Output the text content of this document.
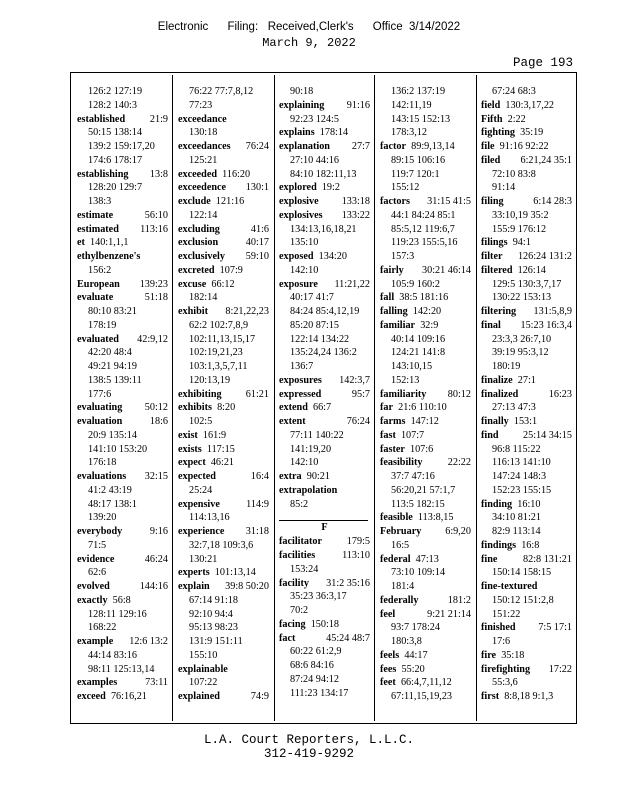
Electronic      Filing:   Received,Clerk's      Office  3/14/2022
March 9, 2022
Page 193
126:2 127:19
128:2 140:3
established 21:9
50:15 138:14
139:2 159:17,20
174:6 178:17
establishing 13:8
128:20 129:7
138:3
estimate	56:10
estimated 113:16
et 140:1,1,1
ethylbenzene's
156:2
European 139:23
evaluate	51:18
80:10 83:21
178:19
evaluated 42:9,12
42:20 48:4
49:21 94:19
138:5 139:11
177:6
evaluating 50:12
evaluation	18:6
20:9 135:14
141:10 153:20
176:18
evaluations 32:15
41:2 43:19
48:17 138:1
139:20
everybody	9:16
71:5
evidence	46:24
62:6
evolved	144:16
exactly 56:8
128:11 129:16
168:22
example 12:6 13:2
44:14 83:16
98:11 125:13,14
examples	73:11
exceed 76:16,21
76:22 77:7,8,12
77:23
exceedance
130:18
exceedances 76:24
125:21
exceeded 116:20
exceedence 130:1
exclude 121:16
122:14
excluding	41:6
exclusion	40:17
exclusively 59:10
excreted 107:9
excuse 66:12
182:14
exhibit 8:21,22,23
62:2 102:7,8,9
102:11,13,15,17
102:19,21,23
103:1,3,5,7,11
120:13,19
exhibiting 61:21
exhibits 8:20
102:5
exist 161:9
exists 117:15
expect 46:21
expected	16:4
25:24
expensive	114:9
114:13,16
experience 31:18
32:7,18 109:3,6
130:21
experts 101:13,14
explain 39:8 50:20
67:14 91:18
92:10 94:4
95:13 98:23
131:9 151:11
155:10
explainable
107:22
explained	74:9
90:18
explaining 91:16
92:23 124:5
explains 178:14
explanation 27:7
27:10 44:16
84:10 182:11,13
explored 19:2
explosive 133:18
explosives 133:22
134:13,16,18,21
135:10
exposed 134:20
142:10
exposure 11:21,22
40:17 41:7
84:24 85:4,12,19
85:20 87:15
122:14 134:22
135:24,24 136:2
136:7
exposures 142:3,7
expressed	95:7
extend 66:7
extent	76:24
77:11 140:22
141:19,20
142:10
extra 90:21
extrapolation
85:2
F
facilitator 179:5
facilities	113:10
153:24
facility 31:2 35:16
35:23 36:3,17
70:2
facing 150:18
fact	45:24 48:7
60:22 61:2,9
68:6 84:16
87:24 94:12
111:23 134:17
136:2 137:19
142:11,19
143:15 152:13
178:3,12
factor 89:9,13,14
89:15 106:16
119:7 120:1
155:12
factors 31:15 41:5
44:1 84:24 85:1
85:5,12 119:6,7
119:23 155:5,16
157:3
fairly 30:21 46:14
105:9 160:2
fall 38:5 181:16
falling 142:20
familiar 32:9
40:14 109:16
124:21 141:8
143:10,15
152:13
familiarity 80:12
far 21:6 110:10
farms 147:12
fast 107:7
faster 107:6
feasibility 22:22
37:7 47:16
56:20,21 57:1,7
113:5 182:15
feasible 113:8,15
February 6:9,20
16:5
federal 47:13
73:10 109:14
181:4
federally	181:2
feel	9:21 21:14
93:7 178:24
180:3,8
feels 44:17
fees 55:20
feet 66:4,7,11,12
67:11,15,19,23
67:24 68:3
field 130:3,17,22
Fifth 2:22
fighting 35:19
file 91:16 92:22
filed 6:21,24 35:1
72:10 83:8
91:14
filing	6:14 28:3
33:10,19 35:2
155:9 176:12
filings 94:1
filter 126:24 131:2
filtered 126:14
129:5 130:3,7,17
130:22 153:13
filtering 131:5,8,9
final 15:23 16:3,4
23:3,3 26:7,10
39:19 95:3,12
180:19
finalize 27:1
finalized	16:23
27:13 47:3
finally 153:1
find 25:14 34:15
96:8 115:22
116:13 141:10
147:24 148:3
152:23 155:15
finding 16:10
34:10 81:21
82:9 113:14
findings 16:8
fine	82:8 131:21
150:14 158:15
fine-textured
150:12 151:2,8
151:22
finished 7:5 17:1
17:6
fire 35:18
firefighting 17:22
55:3,6
first 8:8,18 9:1,3
L.A. Court Reporters, L.L.C.
312-419-9292
